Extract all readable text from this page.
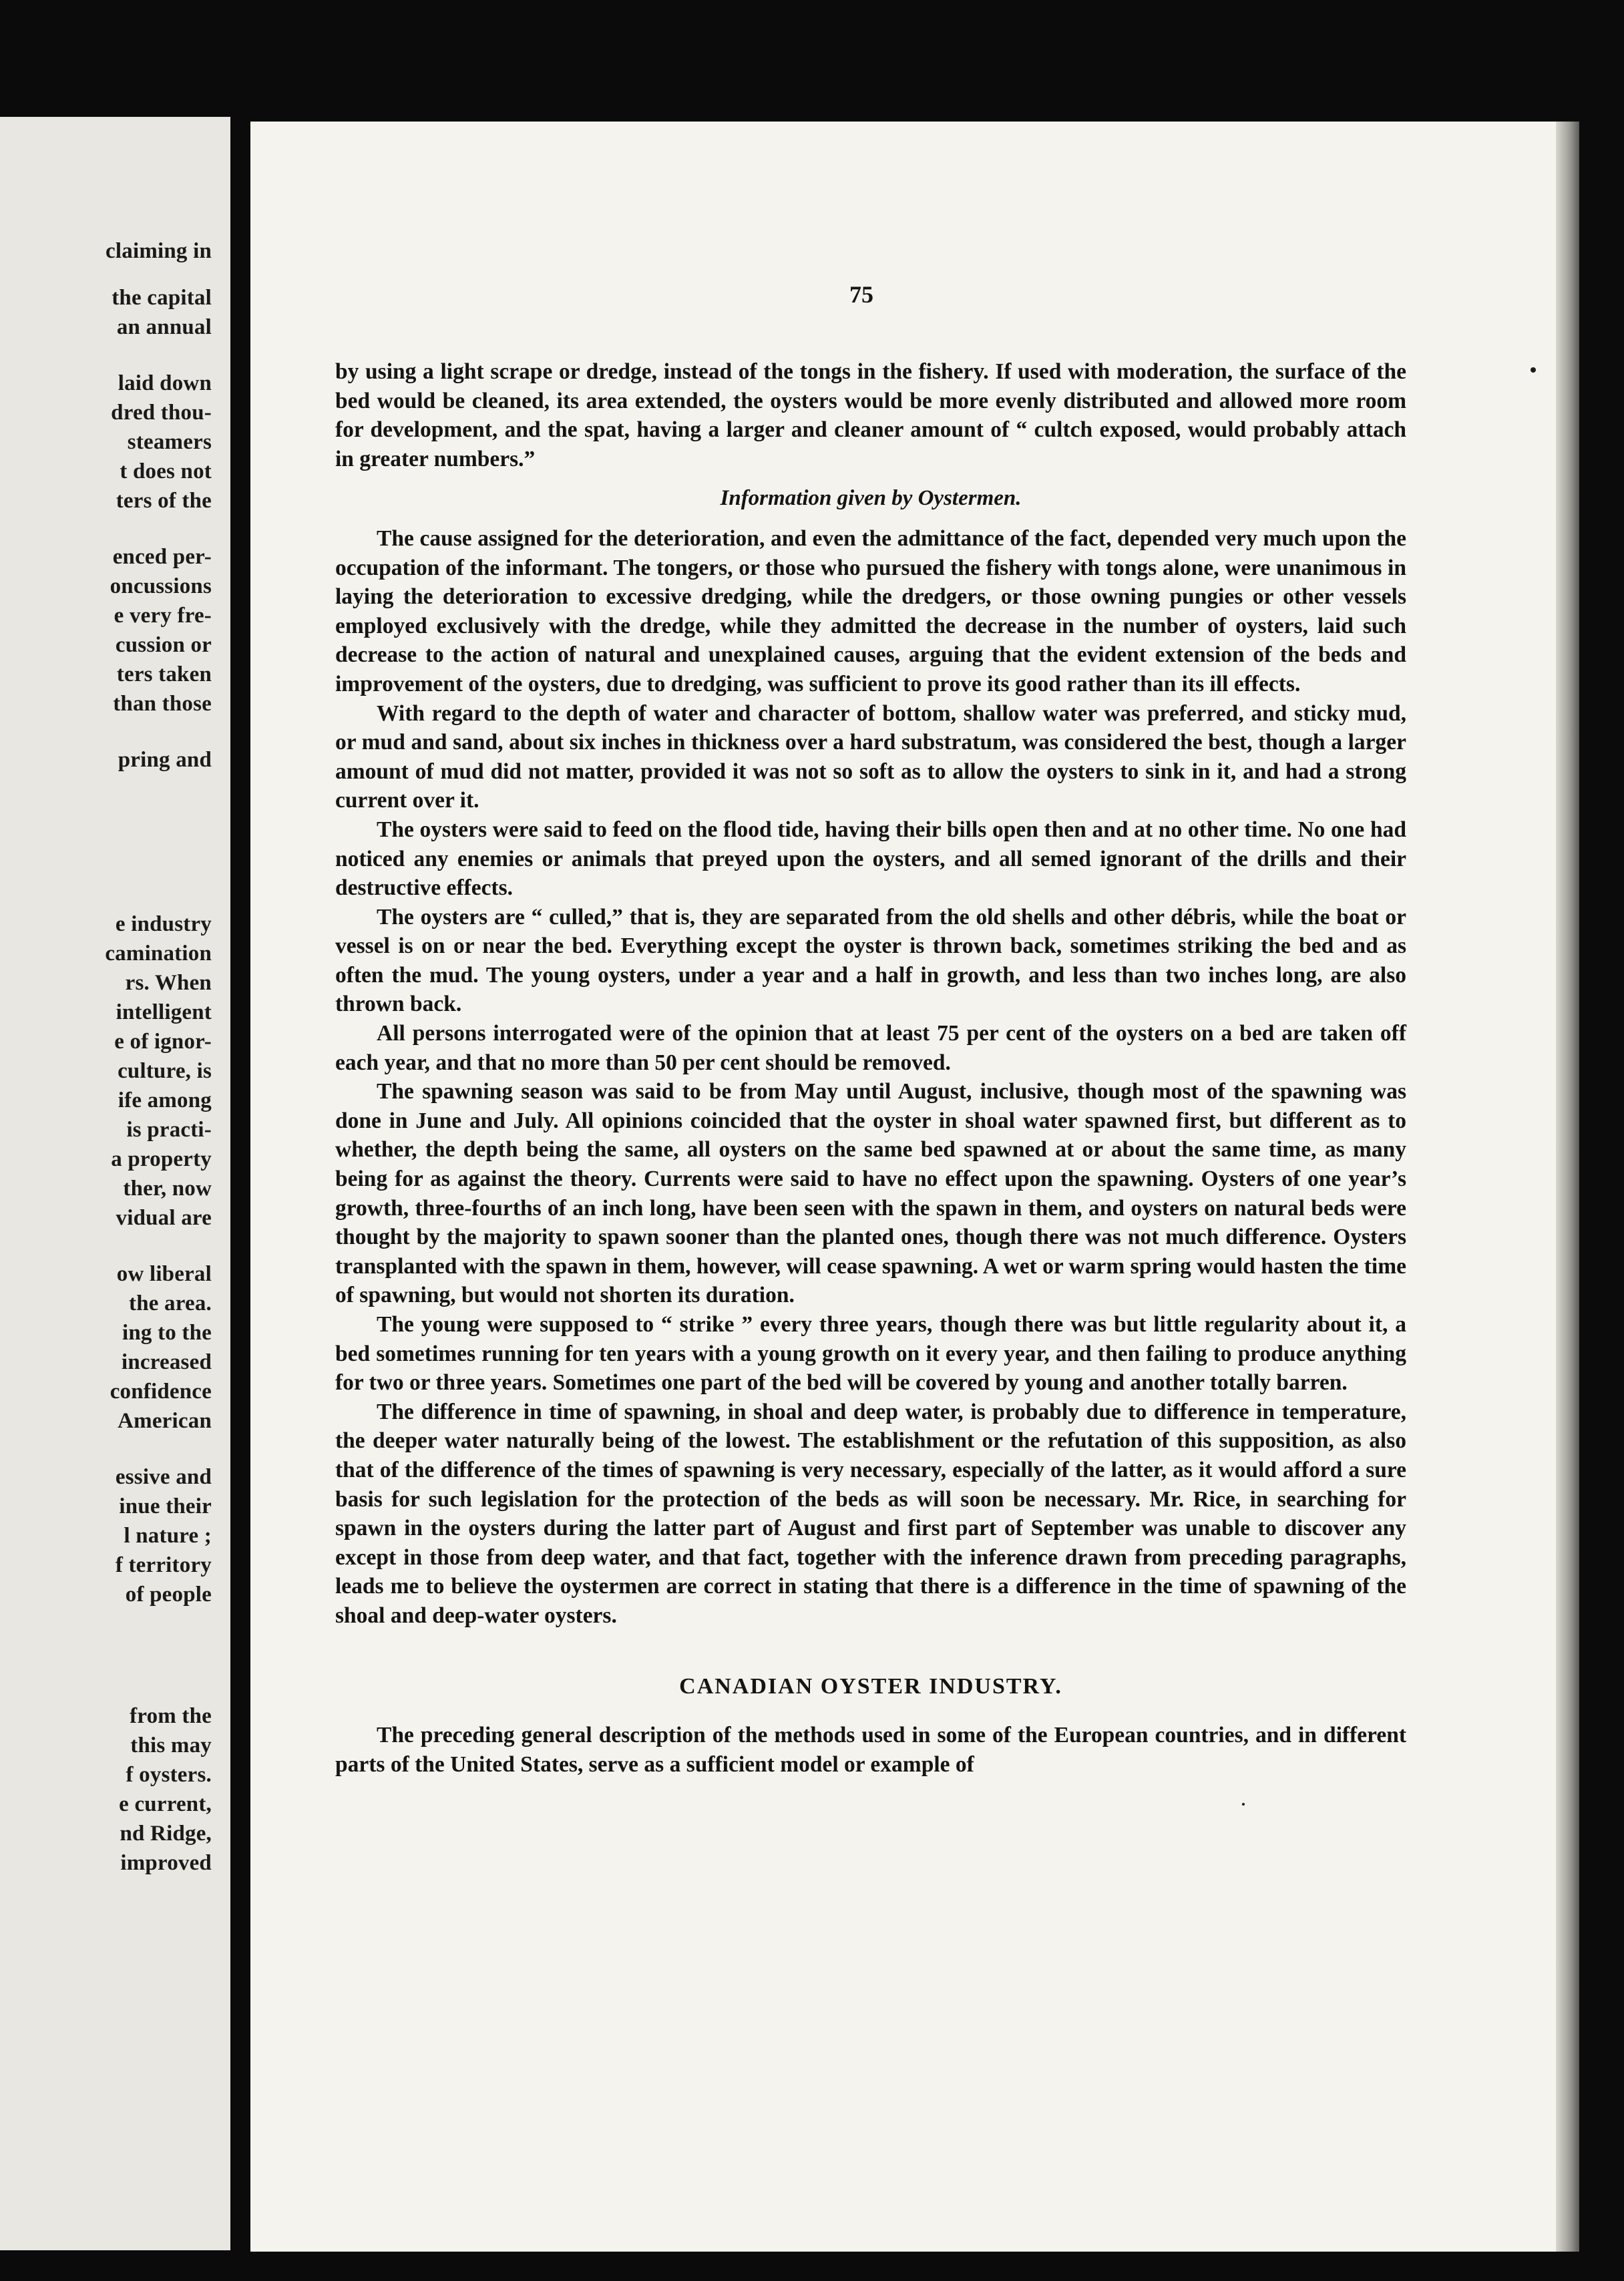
claiming in
the capital
an annual
laid down
dred thou-
steamers
t does not
ters of the
enced per-
oncussions
e very fre-
cussion or
ters taken
than those
pring and
e industry
camination
rs. When
intelligent
e of ignor-
culture, is
ife among
is practi-
a property
ther, now
vidual are
ow liberal
the area.
ing to the
increased
confidence
American
essive and
inue their
l nature ;
f territory
of people
from the
this may
f oysters.
e current,
nd Ridge,
improved
75

by using a light scrape or dredge, instead of the tongs in the fishery. If used with moderation, the surface of the bed would be cleaned, its area extended, the oysters would be more evenly distributed and allowed more room for development, and the spat, having a larger and cleaner amount of “ cultch exposed, would probably attach in greater numbers.”

Information given by Oystermen.

The cause assigned for the deterioration, and even the admittance of the fact, depended very much upon the occupation of the informant. The tongers, or those who pursued the fishery with tongs alone, were unanimous in laying the deterioration to excessive dredging, while the dredgers, or those owning pungies or other vessels employed exclusively with the dredge, while they admitted the decrease in the number of oysters, laid such decrease to the action of natural and unexplained causes, arguing that the evident extension of the beds and improvement of the oysters, due to dredging, was sufficient to prove its good rather than its ill effects.

With regard to the depth of water and character of bottom, shallow water was preferred, and sticky mud, or mud and sand, about six inches in thickness over a hard substratum, was considered the best, though a larger amount of mud did not matter, provided it was not so soft as to allow the oysters to sink in it, and had a strong current over it.

The oysters were said to feed on the flood tide, having their bills open then and at no other time. No one had noticed any enemies or animals that preyed upon the oysters, and all semed ignorant of the drills and their destructive effects.

The oysters are “ culled,” that is, they are separated from the old shells and other débris, while the boat or vessel is on or near the bed. Everything except the oyster is thrown back, sometimes striking the bed and as often the mud. The young oysters, under a year and a half in growth, and less than two inches long, are also thrown back.

All persons interrogated were of the opinion that at least 75 per cent of the oysters on a bed are taken off each year, and that no more than 50 per cent should be removed.

The spawning season was said to be from May until August, inclusive, though most of the spawning was done in June and July. All opinions coincided that the oyster in shoal water spawned first, but different as to whether, the depth being the same, all oysters on the same bed spawned at or about the same time, as many being for as against the theory. Currents were said to have no effect upon the spawning. Oysters of one year’s growth, three-fourths of an inch long, have been seen with the spawn in them, and oysters on natural beds were thought by the majority to spawn sooner than the planted ones, though there was not much difference. Oysters transplanted with the spawn in them, however, will cease spawning. A wet or warm spring would hasten the time of spawning, but would not shorten its duration.

The young were supposed to “ strike ” every three years, though there was but little regularity about it, a bed sometimes running for ten years with a young growth on it every year, and then failing to produce anything for two or three years. Sometimes one part of the bed will be covered by young and another totally barren.

The difference in time of spawning, in shoal and deep water, is probably due to difference in temperature, the deeper water naturally being of the lowest. The establishment or the refutation of this supposition, as also that of the difference of the times of spawning is very necessary, especially of the latter, as it would afford a sure basis for such legislation for the protection of the beds as will soon be necessary. Mr. Rice, in searching for spawn in the oysters during the latter part of August and first part of September was unable to discover any except in those from deep water, and that fact, together with the inference drawn from preceding paragraphs, leads me to believe the oystermen are correct in stating that there is a difference in the time of spawning of the shoal and deep-water oysters.

CANADIAN OYSTER INDUSTRY.

The preceding general description of the methods used in some of the European countries, and in different parts of the United States, serve as a sufficient model or example of
